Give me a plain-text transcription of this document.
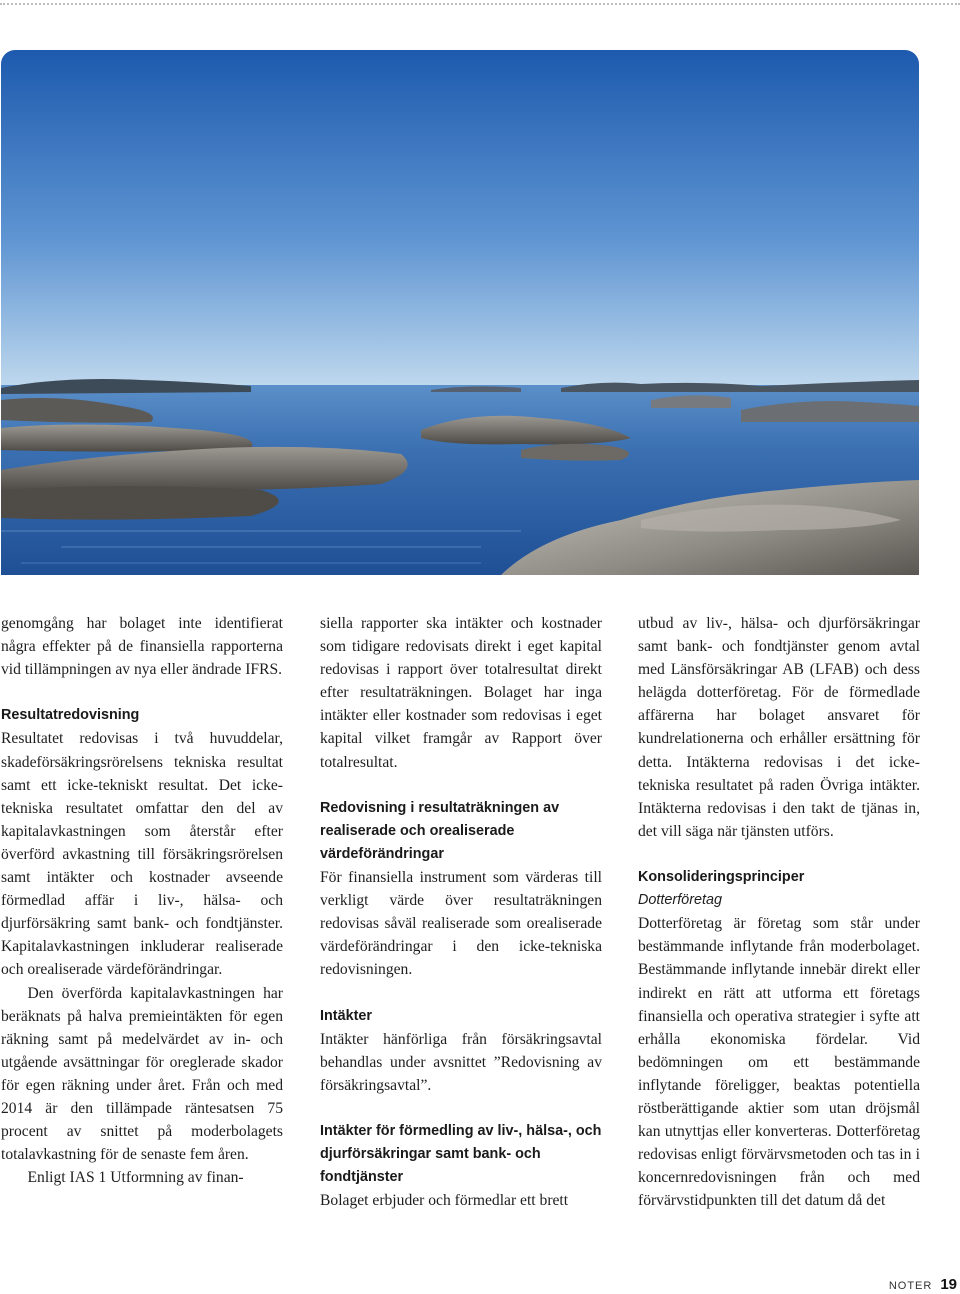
genomgång har bolaget inte identifierat några effekter på de finansiella rapporterna vid tillämpningen av nya eller ändrade IFRS.

Resultatredovisning

Resultatet redovisas i två huvuddelar, skadeförsäkringsrörelsens tekniska resultat samt ett icke-tekniskt resultat. Det icke-tekniska resultatet omfattar den del av kapitalavkastningen som återstår efter överförd avkastning till försäkringsrörelsen samt intäkter och kostnader avseende förmedlad affär i liv-, hälsa- och djurförsäkring samt bank- och fondtjänster. Kapitalavkastningen inkluderar realiserade och orealiserade värdeförändringar.

Den överförda kapitalavkastningen har beräknats på halva premieintäkten för egen räkning samt på medelvärdet av in- och utgående avsättningar för oreglerade skador för egen räkning under året. Från och med 2014 är den tillämpade räntesatsen 75 procent av snittet på moderbolagets totalavkastning för de senaste fem åren.

Enligt IAS 1 Utformning av finan-

siella rapporter ska intäkter och kostnader som tidigare redovisats direkt i eget kapital redovisas i rapport över totalresultat direkt efter resultaträkningen. Bolaget har inga intäkter eller kostnader som redovisas i eget kapital vilket framgår av Rapport över totalresultat.

Redovisning i resultaträkningen av realiserade och orealiserade värdeförändringar

För finansiella instrument som värderas till verkligt värde över resultaträkningen redovisas såväl realiserade som orealiserade värdeförändringar i den icke-tekniska redovisningen.

Intäkter

Intäkter hänförliga från försäkringsavtal behandlas under avsnittet ”Redovisning av försäkringsavtal”.

Intäkter för förmedling av liv-, hälsa-, och djurförsäkringar samt bank- och fondtjänster

Bolaget erbjuder och förmedlar ett brett

utbud av liv-, hälsa- och djurförsäkringar samt bank- och fondtjänster genom avtal med Länsförsäkringar AB (LFAB) och dess helägda dotterföretag. För de förmedlade affärerna har bolaget ansvaret för kundrelationerna och erhåller ersättning för detta. Intäkterna redovisas i det icke-tekniska resultatet på raden Övriga intäkter. Intäkterna redovisas i den takt de tjänas in, det vill säga när tjänsten utförs.

Konsolideringsprinciper

Dotterföretag

Dotterföretag är företag som står under bestämmande inflytande från moderbolaget. Bestämmande inflytande innebär direkt eller indirekt en rätt att utforma ett företags finansiella och operativa strategier i syfte att erhålla ekonomiska fördelar. Vid bedömningen om ett bestämmande inflytande föreligger, beaktas potentiella röstberättigande aktier som utan dröjsmål kan utnyttjas eller konverteras. Dotterföretag redovisas enligt förvärvsmetoden och tas in i koncernredovisningen från och med förvärvstidpunkten till det datum då det

NOTER 19
